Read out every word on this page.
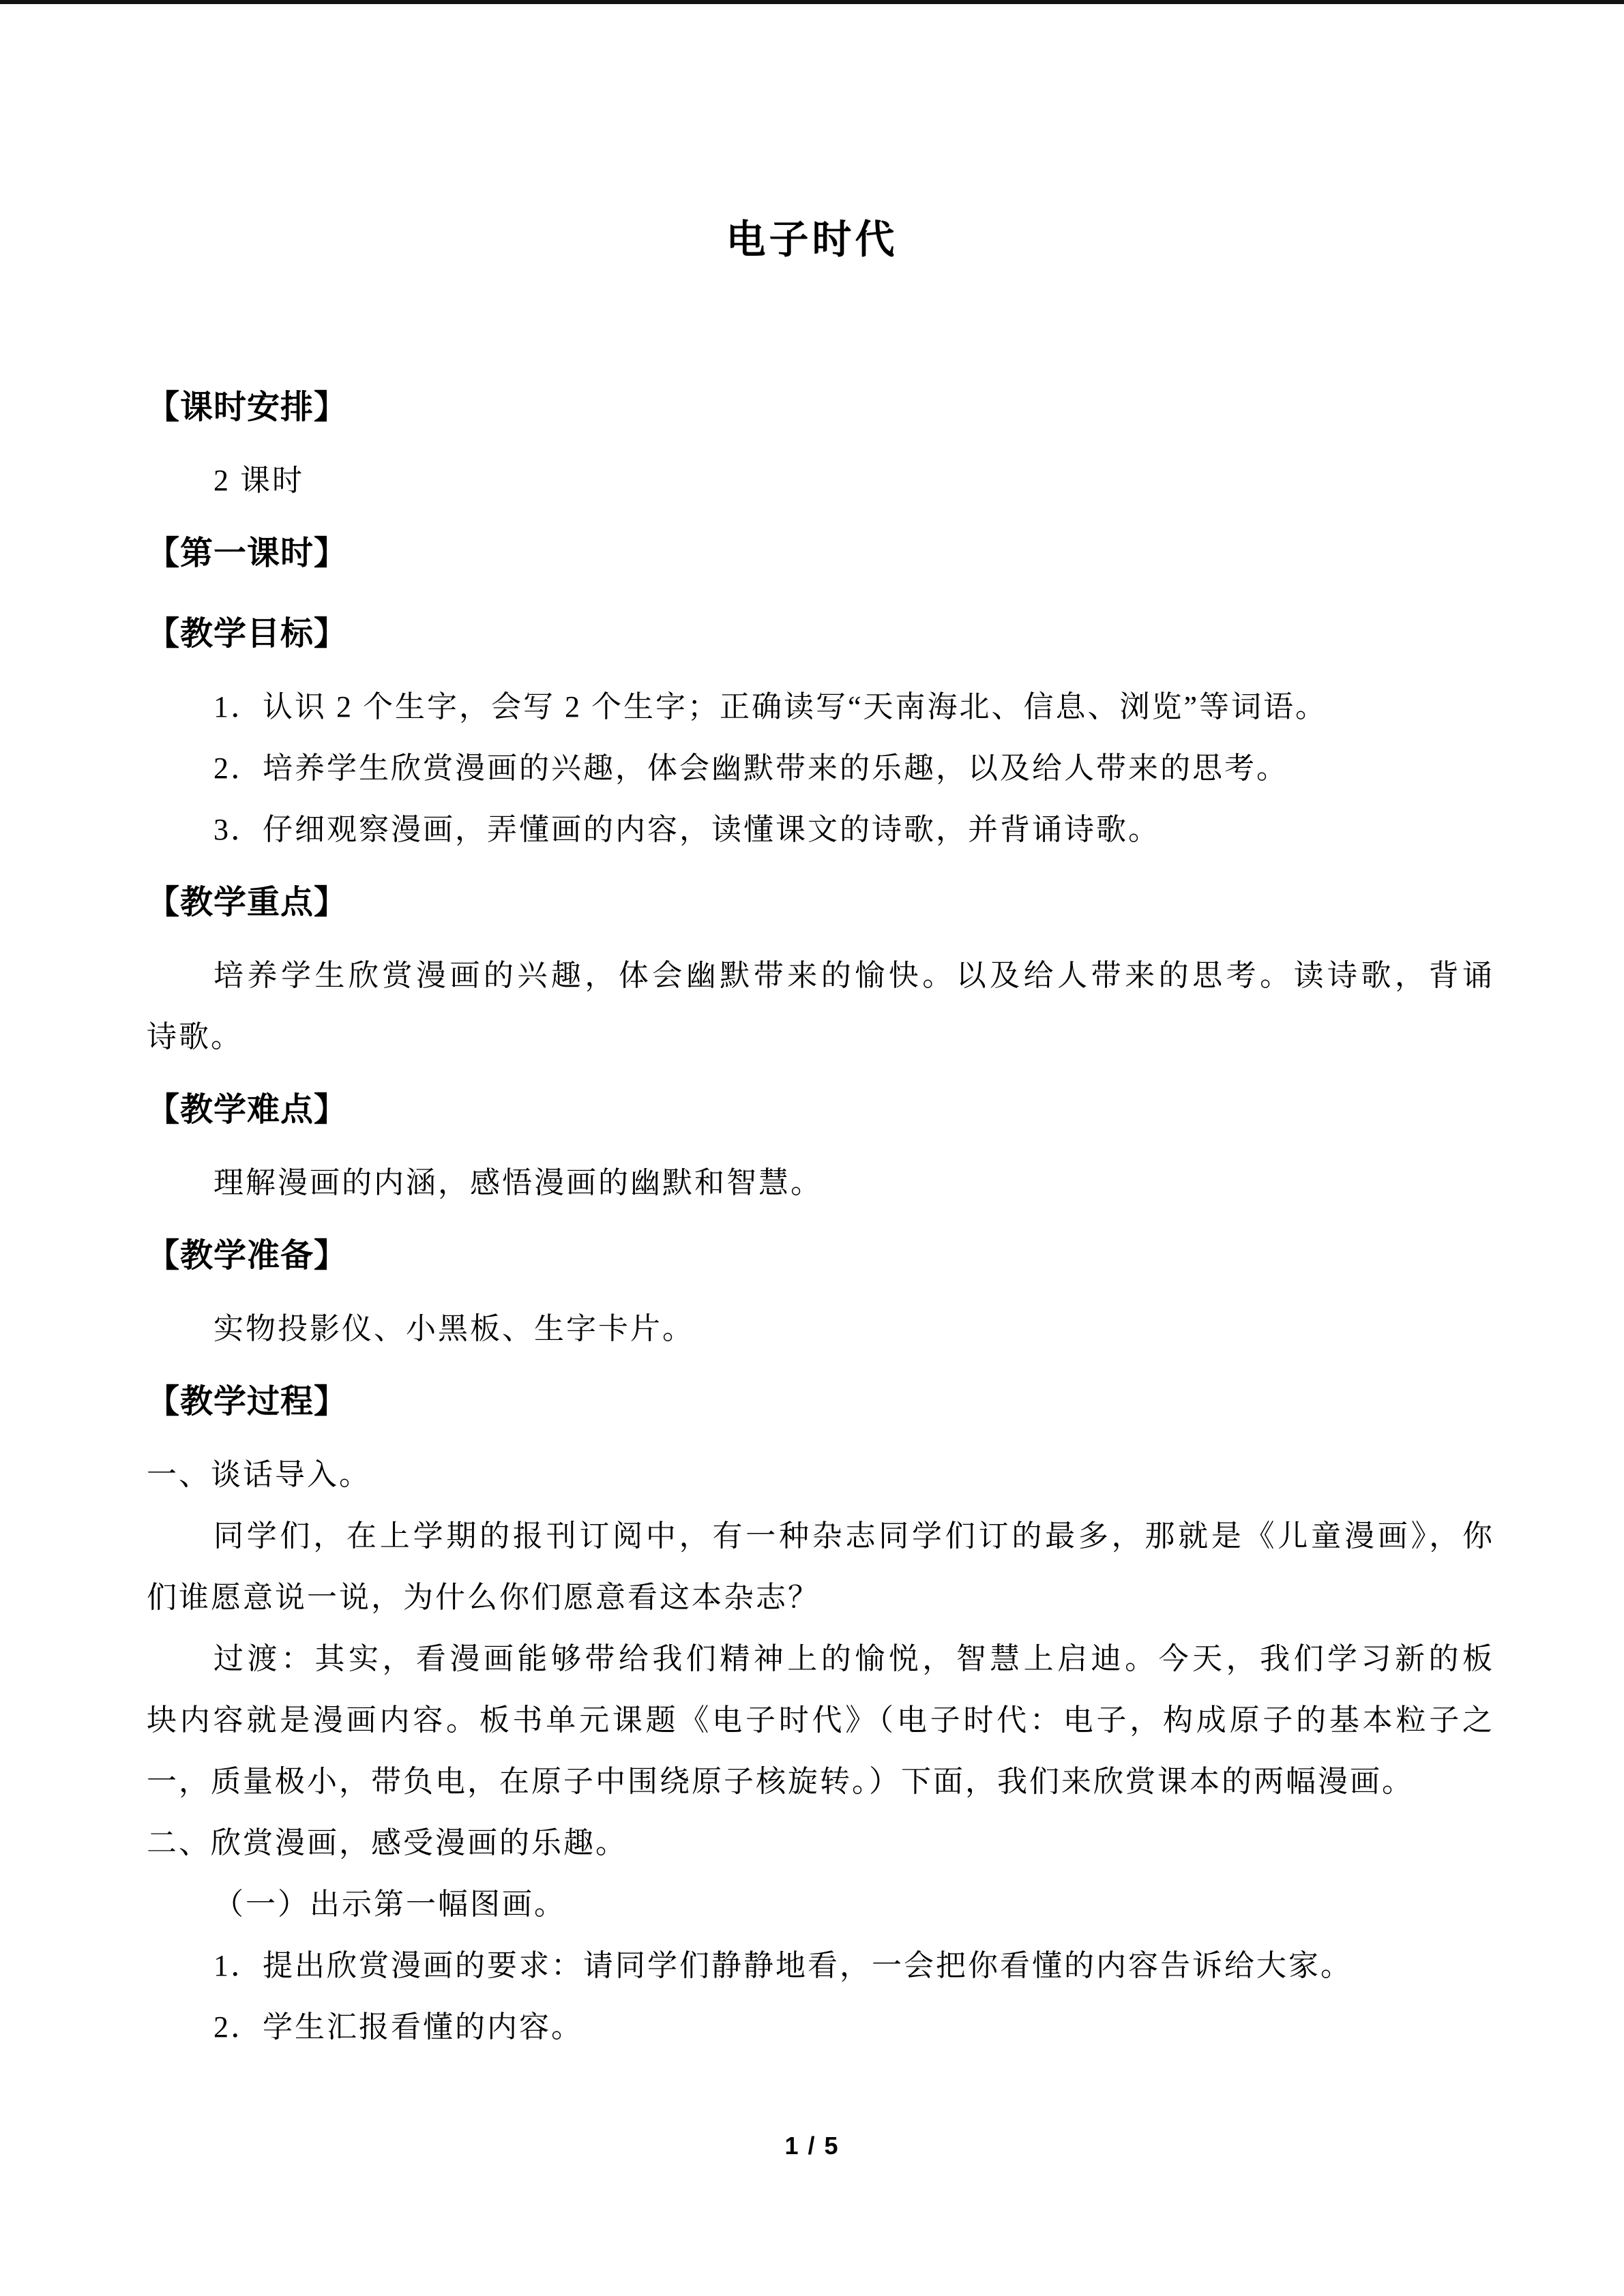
电子时代
【课时安排】

2 课时

【第一课时】
【教学目标】

1．认识 2 个生字，会写 2 个生字；正确读写“天南海北、信息、浏览”等词语。

2．培养学生欣赏漫画的兴趣，体会幽默带来的乐趣，以及给人带来的思考。

3．仔细观察漫画，弄懂画的内容，读懂课文的诗歌，并背诵诗歌。

【教学重点】

培养学生欣赏漫画的兴趣，体会幽默带来的愉快。以及给人带来的思考。读诗歌，背诵

诗歌。

【教学难点】

理解漫画的内涵，感悟漫画的幽默和智慧。

【教学准备】

实物投影仪、小黑板、生字卡片。

【教学过程】

一、谈话导入。

同学们，在上学期的报刊订阅中，有一种杂志同学们订的最多，那就是《儿童漫画》，你

们谁愿意说一说，为什么你们愿意看这本杂志？

过渡：其实，看漫画能够带给我们精神上的愉悦，智慧上启迪。今天，我们学习新的板

块内容就是漫画内容。板书单元课题《电子时代》（电子时代：电子，构成原子的基本粒子之

一，质量极小，带负电，在原子中围绕原子核旋转。）下面，我们来欣赏课本的两幅漫画。

二、欣赏漫画，感受漫画的乐趣。

（一）出示第一幅图画。

1．提出欣赏漫画的要求：请同学们静静地看，一会把你看懂的内容告诉给大家。

2．学生汇报看懂的内容。

1 / 5
